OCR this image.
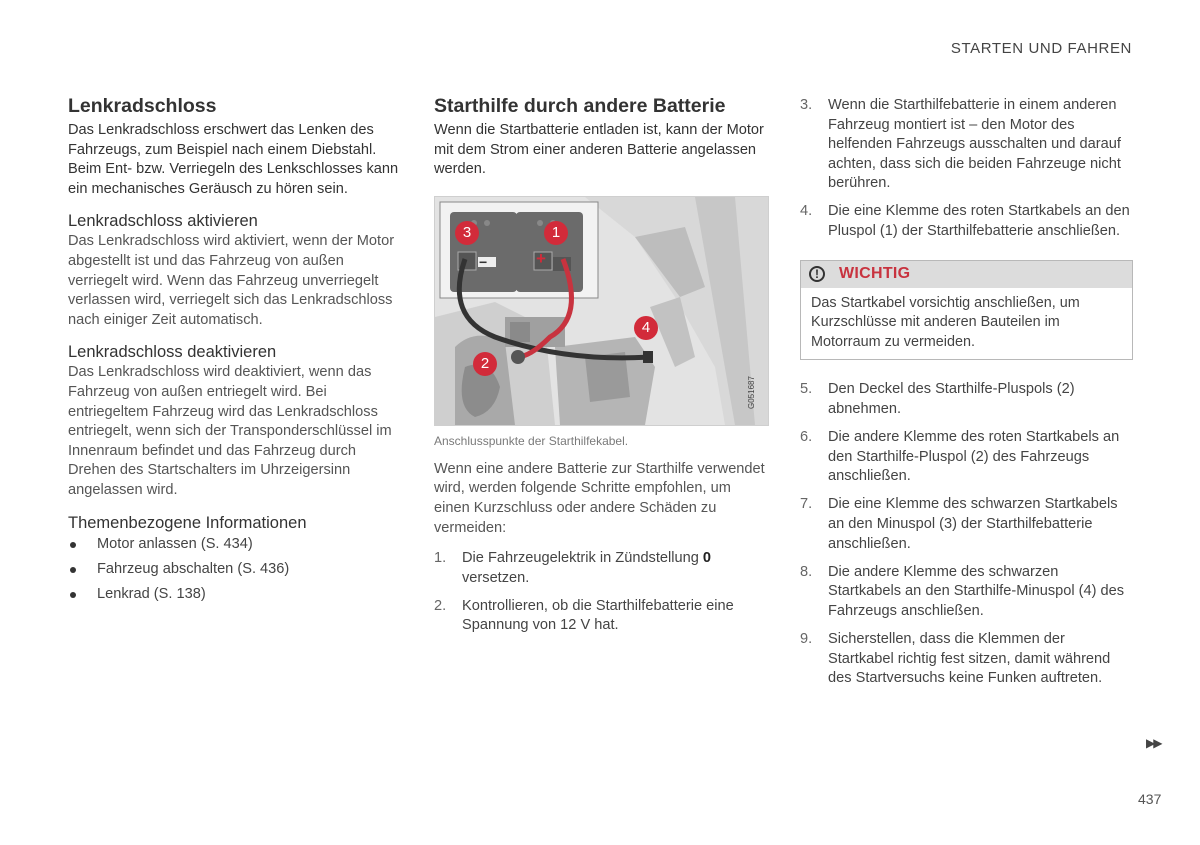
STARTEN UND FAHREN
Lenkradschloss

Das Lenkradschloss erschwert das Lenken des Fahrzeugs, zum Beispiel nach einem Diebstahl. Beim Ent- bzw. Verriegeln des Lenkschlosses kann ein mechanisches Geräusch zu hören sein.

Lenkradschloss aktivieren

Das Lenkradschloss wird aktiviert, wenn der Motor abgestellt ist und das Fahrzeug von außen verriegelt wird. Wenn das Fahrzeug unverriegelt verlassen wird, verriegelt sich das Lenkradschloss nach einiger Zeit automatisch.

Lenkradschloss deaktivieren

Das Lenkradschloss wird deaktiviert, wenn das Fahrzeug von außen entriegelt wird. Bei entriegeltem Fahrzeug wird das Lenkradschloss entriegelt, wenn sich der Transponderschlüssel im Innenraum befindet und das Fahrzeug durch Drehen des Startschalters im Uhrzeigersinn angelassen wird.

Themenbezogene Informationen
Motor anlassen (S. 434)
Fahrzeug abschalten (S. 436)
Lenkrad (S. 138)
Starthilfe durch andere Batterie

Wenn die Startbatterie entladen ist, kann der Motor mit dem Strom einer anderen Batterie angelassen werden.

G051687
−	+
3	1
4
2
Anschlusspunkte der Starthilfekabel.

Wenn eine andere Batterie zur Starthilfe verwendet wird, werden folgende Schritte empfohlen, um einen Kurzschluss oder andere Schäden zu vermeiden:

1. Die Fahrzeugelektrik in Zündstellung 0 versetzen.
2. Kontrollieren, ob die Starthilfebatterie eine Spannung von 12 V hat.
3. Wenn die Starthilfebatterie in einem anderen Fahrzeug montiert ist – den Motor des helfenden Fahrzeugs ausschalten und darauf achten, dass sich die beiden Fahrzeuge nicht berühren.
4. Die eine Klemme des roten Startkabels an den Pluspol (1) der Starthilfebatterie anschließen.
!	WICHTIG
Das Startkabel vorsichtig anschließen, um Kurzschlüsse mit anderen Bauteilen im Motorraum zu vermeiden.
5. Den Deckel des Starthilfe-Pluspols (2) abnehmen.
6. Die andere Klemme des roten Startkabels an den Starthilfe-Pluspol (2) des Fahrzeugs anschließen.
7. Die eine Klemme des schwarzen Startkabels an den Minuspol (3) der Starthilfebatterie anschließen.
8. Die andere Klemme des schwarzen Startkabels an den Starthilfe-Minuspol (4) des Fahrzeugs anschließen.
9. Sicherstellen, dass die Klemmen der Startkabel richtig fest sitzen, damit während des Startversuchs keine Funken auftreten.
▶▶
437
